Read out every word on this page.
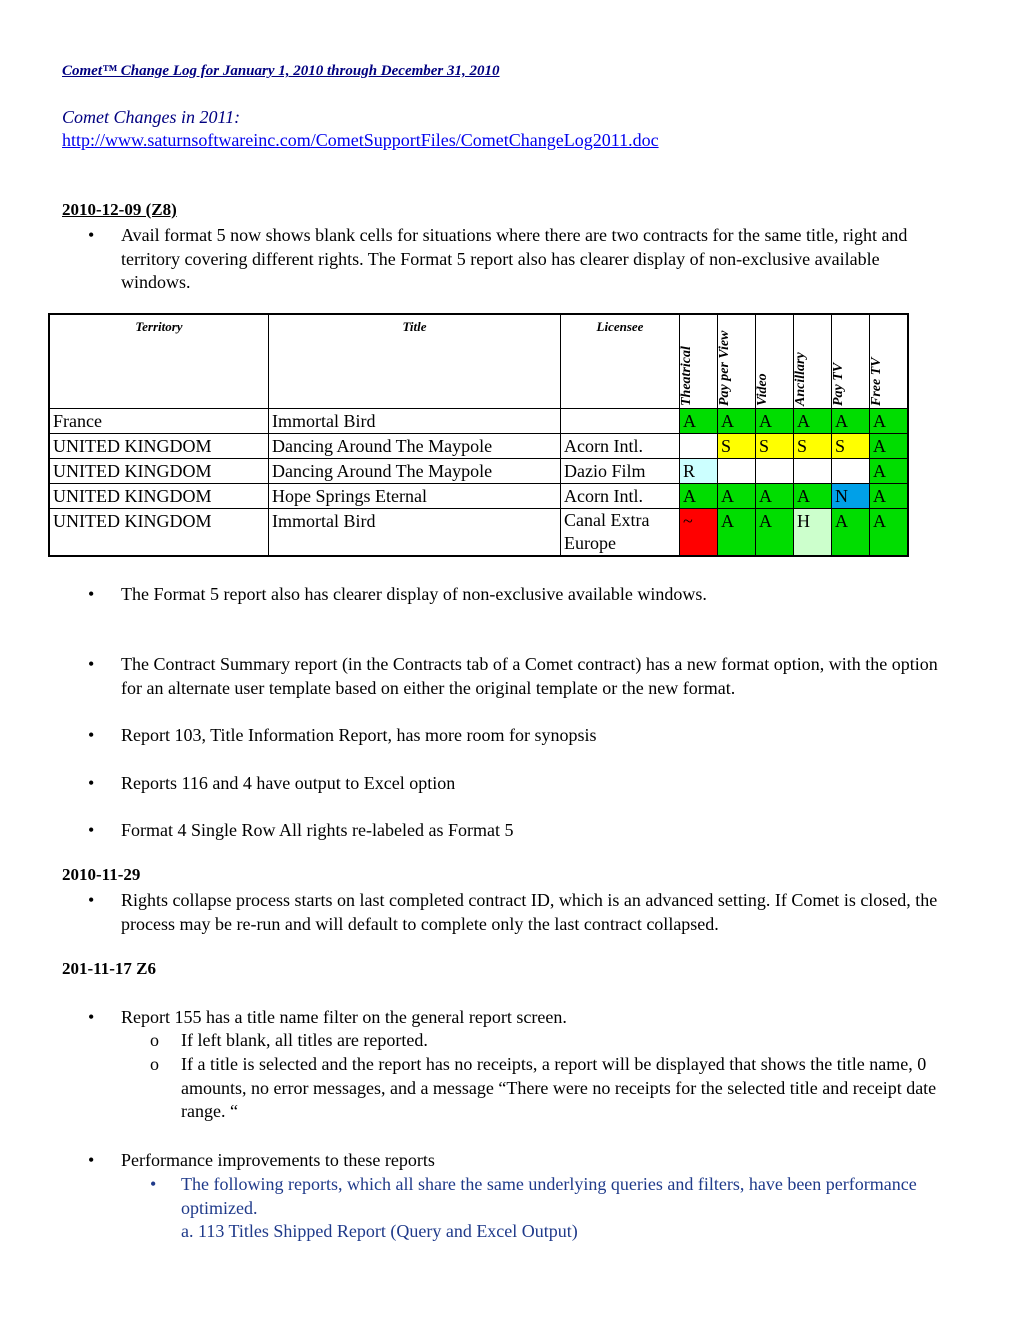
Comet™ Change Log for January 1, 2010 through December 31, 2010
Comet Changes in 2011:
http://www.saturnsoftwareinc.com/CometSupportFiles/CometChangeLog2011.doc
2010-12-09 (Z8)
• Avail format 5 now shows blank cells for situations where there are two contracts for the same title, right and territory covering different rights. The Format 5 report also has clearer display of non-exclusive available windows.
Territory	Title	Licensee	Theatrical	Pay per View	Video	Ancillary	Pay TV	Free TV

France	Immortal Bird		A	A	A	A	A	A
UNITED KINGDOM	Dancing Around The Maypole	Acorn Intl.		S	S	S	S	A
UNITED KINGDOM	Dancing Around The Maypole	Dazio Film	R					A
UNITED KINGDOM	Hope Springs Eternal	Acorn Intl.	A	A	A	A	N	A
UNITED KINGDOM	Immortal Bird	Canal Extra Europe	~	A	A	H	A	A
• The Format 5 report also has clearer display of non-exclusive available windows.
• The Contract Summary report (in the Contracts tab of a Comet contract) has a new format option, with the option for an alternate user template based on either the original template or the new format.
• Report 103, Title Information Report, has more room for synopsis
• Reports 116 and 4 have output to Excel option
• Format 4 Single Row All rights re-labeled as Format 5
2010-11-29
• Rights collapse process starts on last completed contract ID, which is an advanced setting. If Comet is closed, the process may be re-run and will default to complete only the last contract collapsed.
201-11-17 Z6
• Report 155 has a title name filter on the general report screen.
o If left blank, all titles are reported.
o If a title is selected and the report has no receipts, a report will be displayed that shows the title name, 0 amounts, no error messages, and a message “There were no receipts for the selected title and receipt date range. “
• Performance improvements to these reports
• The following reports, which all share the same underlying queries and filters, have been performance optimized.
a. 113 Titles Shipped Report (Query and Excel Output)
